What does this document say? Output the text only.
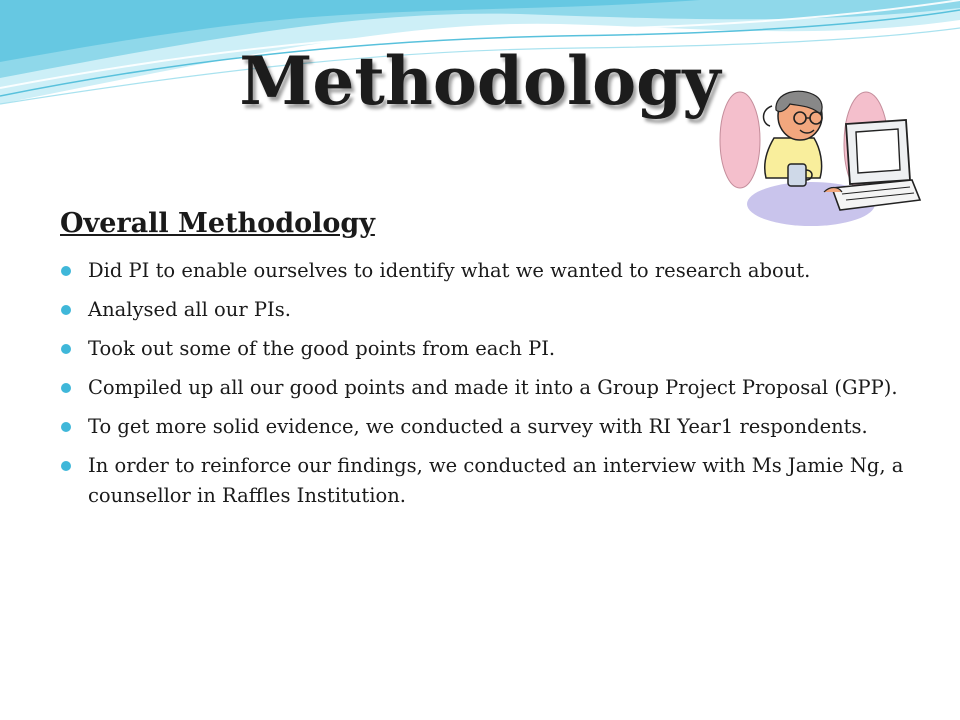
Methodology
Overall Methodology
Did PI to enable ourselves to identify what we wanted to research about.
Analysed all our PIs.
Took out some of the good points from each PI.
Compiled up all our good points and made it into a Group Project Proposal (GPP).
To get more solid evidence, we conducted a survey with RI Year1 respondents.
In order to reinforce our findings, we conducted an interview with Ms Jamie Ng, a counsellor in Raffles Institution.
